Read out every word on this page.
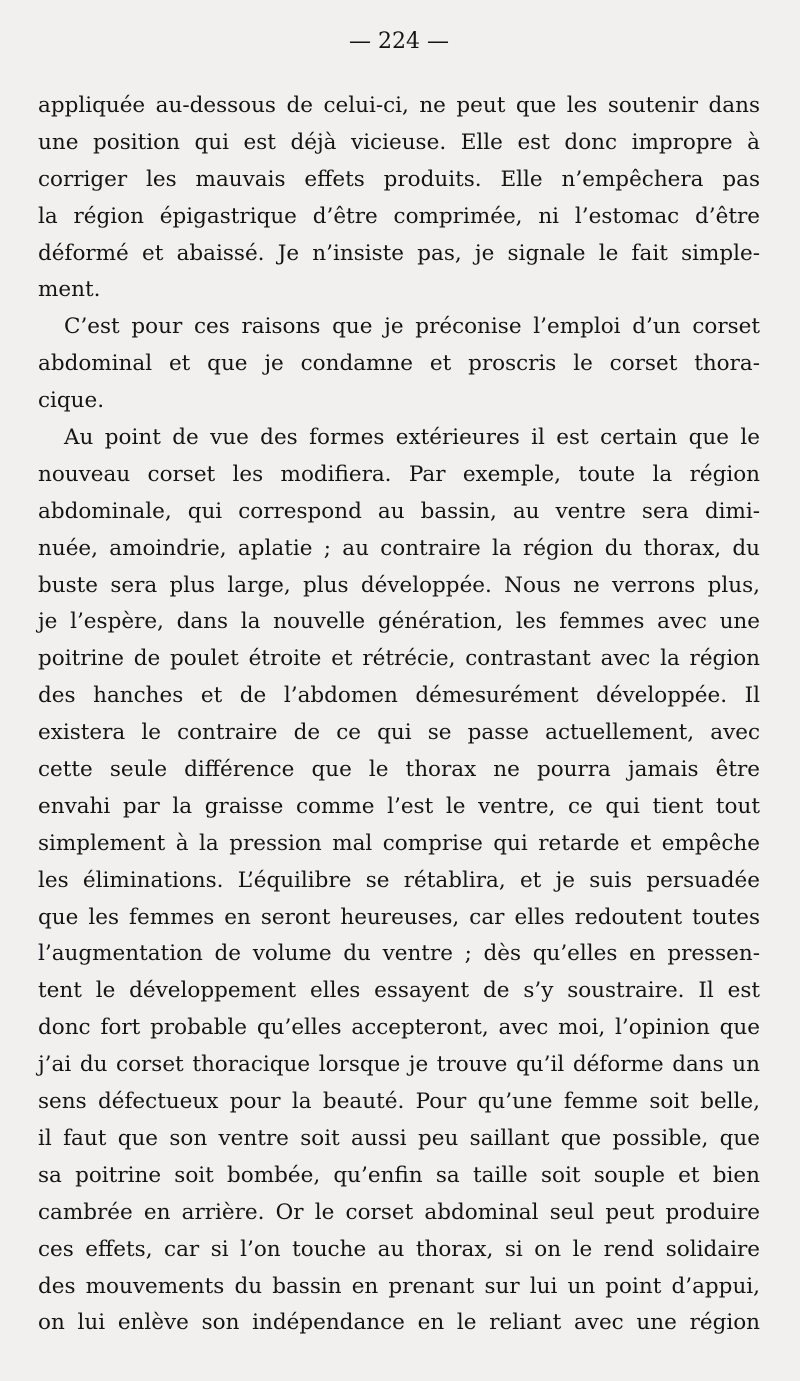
— 224 —
appliquée au-dessous de celui-ci, ne peut que les soutenir dans
une position qui est déjà vicieuse. Elle est donc impropre à
corriger les mauvais effets produits. Elle n’empêchera pas
la région épigastrique d’être comprimée, ni l’estomac d’être
déformé et abaissé. Je n’insiste pas, je signale le fait simple-
ment.
C’est pour ces raisons que je préconise l’emploi d’un corset
abdominal et que je condamne et proscris le corset thora-
cique.
Au point de vue des formes extérieures il est certain que le
nouveau corset les modifiera. Par exemple, toute la région
abdominale, qui correspond au bassin, au ventre sera dimi-
nuée, amoindrie, aplatie ; au contraire la région du thorax, du
buste sera plus large, plus développée. Nous ne verrons plus,
je l’espère, dans la nouvelle génération, les femmes avec une
poitrine de poulet étroite et rétrécie, contrastant avec la région
des hanches et de l’abdomen démesurément développée. Il
existera le contraire de ce qui se passe actuellement, avec
cette seule différence que le thorax ne pourra jamais être
envahi par la graisse comme l’est le ventre, ce qui tient tout
simplement à la pression mal comprise qui retarde et empêche
les éliminations. L’équilibre se rétablira, et je suis persuadée
que les femmes en seront heureuses, car elles redoutent toutes
l’augmentation de volume du ventre ; dès qu’elles en pressen-
tent le développement elles essayent de s’y soustraire. Il est
donc fort probable qu’elles accepteront, avec moi, l’opinion que
j’ai du corset thoracique lorsque je trouve qu’il déforme dans un
sens défectueux pour la beauté. Pour qu’une femme soit belle,
il faut que son ventre soit aussi peu saillant que possible, que
sa poitrine soit bombée, qu’enfin sa taille soit souple et bien
cambrée en arrière. Or le corset abdominal seul peut produire
ces effets, car si l’on touche au thorax, si on le rend solidaire
des mouvements du bassin en prenant sur lui un point d’appui,
on lui enlève son indépendance en le reliant avec une région
